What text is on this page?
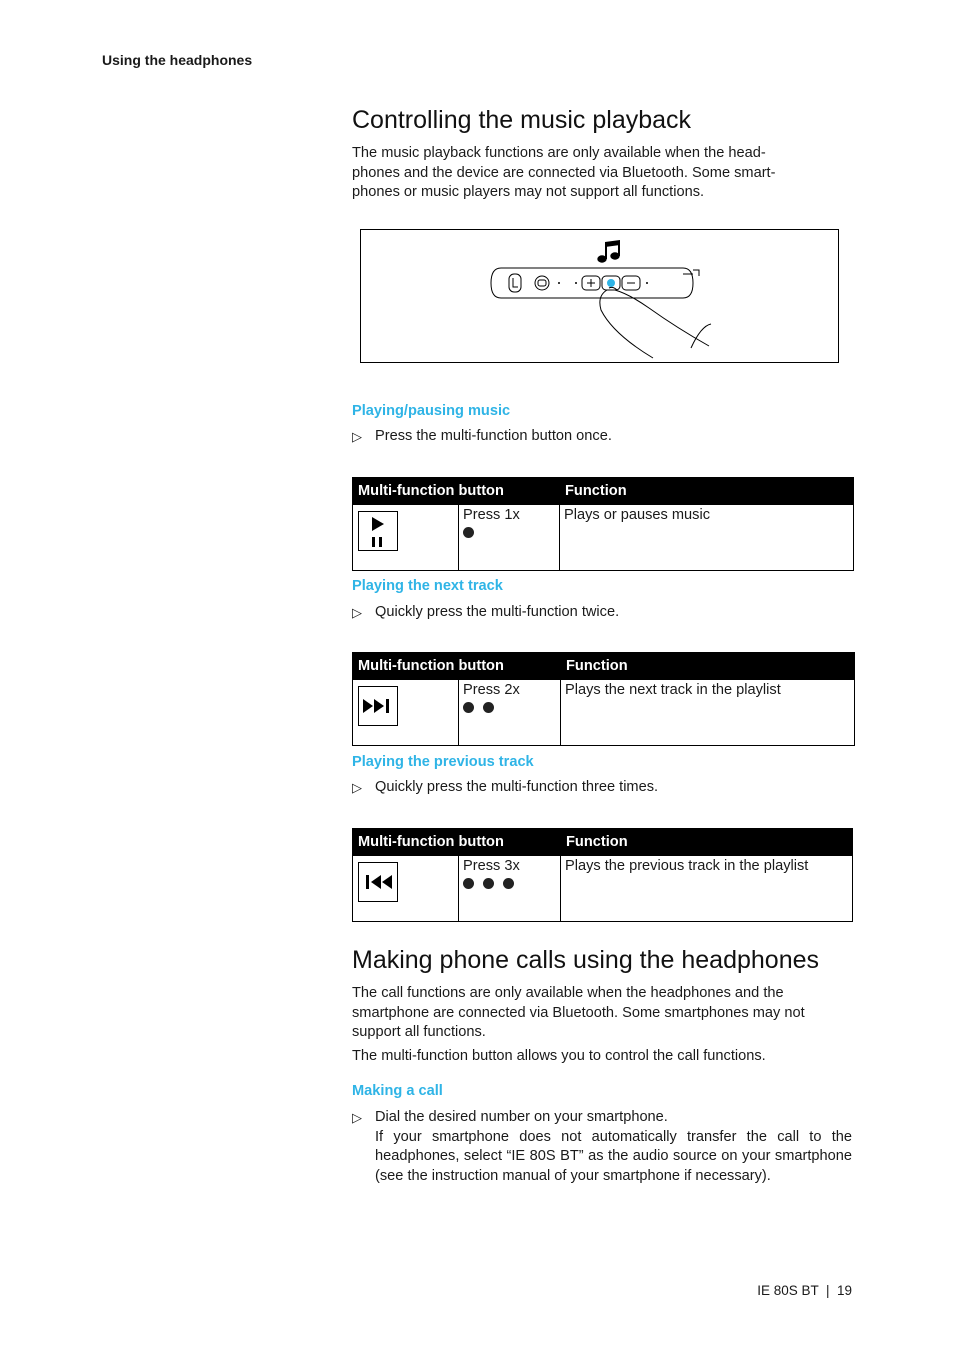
Using the headphones
Controlling the music playback
The music playback functions are only available when the head-
phones and the device are connected via Bluetooth. Some smart-
phones or music players may not support all functions.
Playing/pausing music
▷ Press the multi-function button once.
Multi-function button		Function

Press 1x	Plays or pauses music
Playing the next track
▷ Quickly press the multi-function twice.
Multi-function button		Function

Press 2x	Plays the next track in the playlist
Playing the previous track
▷ Quickly press the multi-function three times.
Multi-function button		Function

Press 3x	Plays the previous track in the playlist
Making phone calls using the headphones
The call functions are only available when the headphones and the smartphone are connected via Bluetooth. Some smartphones may not support all functions.
The multi-function button allows you to control the call functions.
Making a call
▷ Dial the desired number on your smartphone.
If your smartphone does not automatically transfer the call to the headphones, select “IE 80S BT” as the audio source on your smartphone (see the instruction manual of your smartphone if necessary).
IE 80S BT  |  19
